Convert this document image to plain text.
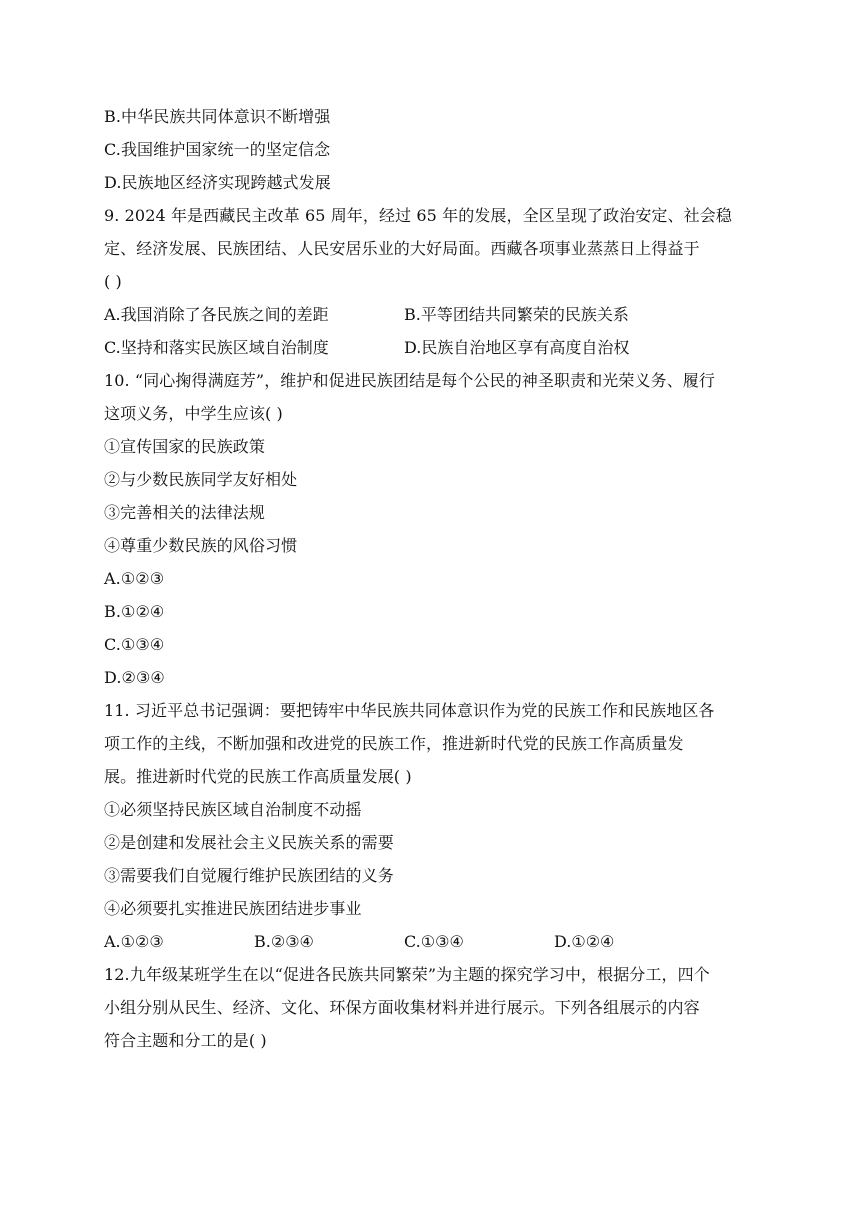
B.中华民族共同体意识不断增强
C.我国维护国家统一的坚定信念
D.民族地区经济实现跨越式发展
9. 2024 年是西藏民主改革 65 周年，经过 65 年的发展，全区呈现了政治安定、社会稳
定、经济发展、民族团结、人民安居乐业的大好局面。西藏各项事业蒸蒸日上得益于
( )
A.我国消除了各民族之间的差距	B.平等团结共同繁荣的民族关系
C.坚持和落实民族区域自治制度	D.民族自治地区享有高度自治权
10. “同心掬得满庭芳”，维护和促进民族团结是每个公民的神圣职责和光荣义务、履行
这项义务，中学生应该( )
①宣传国家的民族政策
②与少数民族同学友好相处
③完善相关的法律法规
④尊重少数民族的风俗习惯
A.①②③
B.①②④
C.①③④
D.②③④
11. 习近平总书记强调：要把铸牢中华民族共同体意识作为党的民族工作和民族地区各
项工作的主线，不断加强和改进党的民族工作，推进新时代党的民族工作高质量发
展。推进新时代党的民族工作高质量发展( )
①必须坚持民族区域自治制度不动摇
②是创建和发展社会主义民族关系的需要
③需要我们自觉履行维护民族团结的义务
④必须要扎实推进民族团结进步事业
A.①②③	B.②③④	C.①③④	D.①②④
12.九年级某班学生在以“促进各民族共同繁荣”为主题的探究学习中，根据分工，四个
小组分别从民生、经济、文化、环保方面收集材料并进行展示。下列各组展示的内容
符合主题和分工的是( )
